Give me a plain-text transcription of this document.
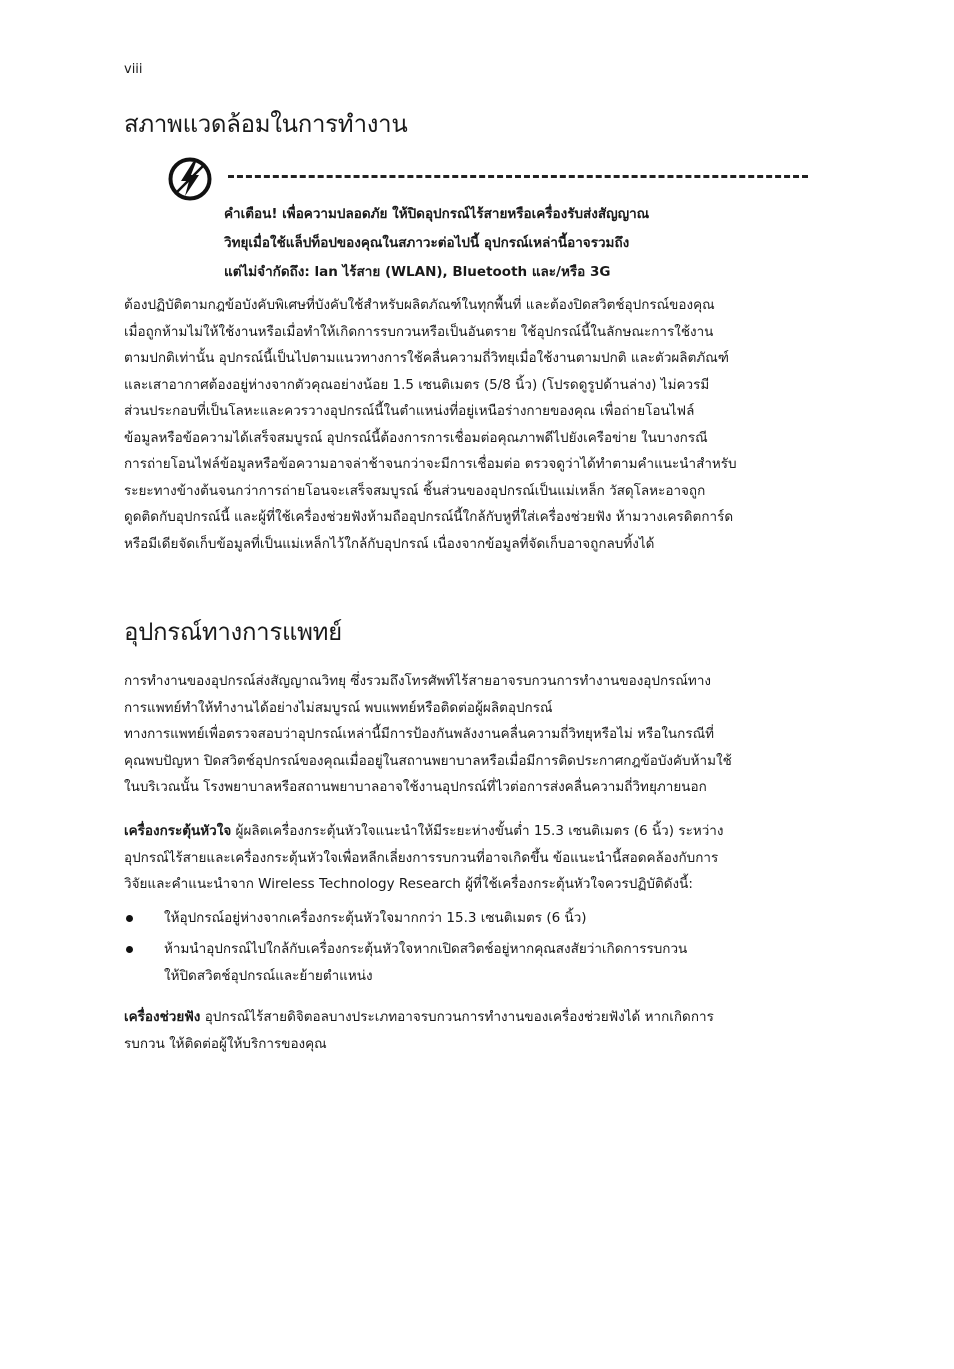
viii
สภาพแวดล้อมในการทำงาน
คำเตือน! เพื่อความปลอดภัย ให้ปิดอุปกรณ์ไร้สายหรือเครื่องรับส่งสัญญาณ
วิทยุเมื่อใช้แล็ปท็อปของคุณในสภาวะต่อไปนี้ อุปกรณ์เหล่านี้อาจรวมถึง
แต่ไม่จำกัดถึง: lan ไร้สาย (WLAN), Bluetooth และ/หรือ 3G
ต้องปฏิบัติตามกฎข้อบังคับพิเศษที่บังคับใช้สำหรับผลิตภัณฑ์ในทุกพื้นที่ และต้องปิดสวิตช์อุปกรณ์ของคุณ
เมื่อถูกห้ามไม่ให้ใช้งานหรือเมื่อทำให้เกิดการรบกวนหรือเป็นอันตราย ใช้อุปกรณ์นี้ในลักษณะการใช้งาน
ตามปกติเท่านั้น อุปกรณ์นี้เป็นไปตามแนวทางการใช้คลื่นความถี่วิทยุเมื่อใช้งานตามปกติ และตัวผลิตภัณฑ์
และเสาอากาศต้องอยู่ห่างจากตัวคุณอย่างน้อย 1.5 เซนติเมตร (5/8 นิ้ว) (โปรดดูรูปด้านล่าง) ไม่ควรมี
ส่วนประกอบที่เป็นโลหะและควรวางอุปกรณ์นี้ในตำแหน่งที่อยู่เหนือร่างกายของคุณ เพื่อถ่ายโอนไฟล์
ข้อมูลหรือข้อความได้เสร็จสมบูรณ์ อุปกรณ์นี้ต้องการการเชื่อมต่อคุณภาพดีไปยังเครือข่าย ในบางกรณี
การถ่ายโอนไฟล์ข้อมูลหรือข้อความอาจล่าช้าจนกว่าจะมีการเชื่อมต่อ ตรวจดูว่าได้ทำตามคำแนะนำสำหรับ
ระยะทางข้างต้นจนกว่าการถ่ายโอนจะเสร็จสมบูรณ์ ชิ้นส่วนของอุปกรณ์เป็นแม่เหล็ก วัสดุโลหะอาจถูก
ดูดติดกับอุปกรณ์นี้ และผู้ที่ใช้เครื่องช่วยฟังห้ามถืออุปกรณ์นี้ใกล้กับหูที่ใส่เครื่องช่วยฟัง ห้ามวางเครดิตการ์ด
หรือมีเดียจัดเก็บข้อมูลที่เป็นแม่เหล็กไว้ใกล้กับอุปกรณ์ เนื่องจากข้อมูลที่จัดเก็บอาจถูกลบทิ้งได้
อุปกรณ์ทางการแพทย์
การทำงานของอุปกรณ์ส่งสัญญาณวิทยุ ซึ่งรวมถึงโทรศัพท์ไร้สายอาจรบกวนการทำงานของอุปกรณ์ทาง
การแพทย์ทำให้ทำงานได้อย่างไม่สมบูรณ์ พบแพทย์หรือติดต่อผู้ผลิตอุปกรณ์
ทางการแพทย์เพื่อตรวจสอบว่าอุปกรณ์เหล่านี้มีการป้องกันพลังงานคลื่นความถี่วิทยุหรือไม่ หรือในกรณีที่
คุณพบปัญหา ปิดสวิตช์อุปกรณ์ของคุณเมื่ออยู่ในสถานพยาบาลหรือเมื่อมีการติดประกาศกฎข้อบังคับห้ามใช้
ในบริเวณนั้น โรงพยาบาลหรือสถานพยาบาลอาจใช้งานอุปกรณ์ที่ไวต่อการส่งคลื่นความถี่วิทยุภายนอก
เครื่องกระตุ้นหัวใจ ผู้ผลิตเครื่องกระตุ้นหัวใจแนะนำให้มีระยะห่างขั้นต่ำ 15.3 เซนติเมตร (6 นิ้ว) ระหว่าง
อุปกรณ์ไร้สายและเครื่องกระตุ้นหัวใจเพื่อหลีกเลี่ยงการรบกวนที่อาจเกิดขึ้น ข้อแนะนำนี้สอดคล้องกับการ
วิจัยและคำแนะนำจาก Wireless Technology Research ผู้ที่ใช้เครื่องกระตุ้นหัวใจควรปฏิบัติดังนี้:
ให้อุปกรณ์อยู่ห่างจากเครื่องกระตุ้นหัวใจมากกว่า 15.3 เซนติเมตร (6 นิ้ว)
ห้ามนำอุปกรณ์ไปใกล้กับเครื่องกระตุ้นหัวใจหากเปิดสวิตช์อยู่หากคุณสงสัยว่าเกิดการรบกวน
ให้ปิดสวิตช์อุปกรณ์และย้ายตำแหน่ง
เครื่องช่วยฟัง อุปกรณ์ไร้สายดิจิตอลบางประเภทอาจรบกวนการทำงานของเครื่องช่วยฟังได้ หากเกิดการ
รบกวน ให้ติดต่อผู้ให้บริการของคุณ
